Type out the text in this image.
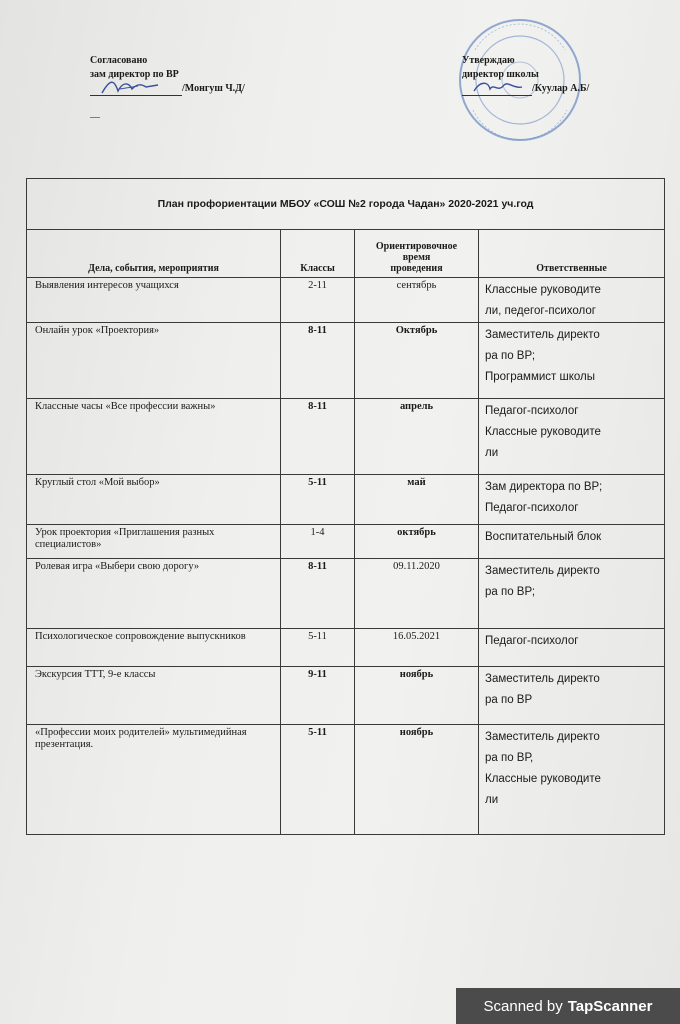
Согласовано
зам директор по ВР
/Монгуш Ч.Д/
—
Утверждаю
директор школы
/Куулар А.Б/
План профориентации МБОУ «СОШ №2 города Чадан» 2020-2021 уч.год			
Дела, события, мероприятия	Классы	Ориентировочное
время
проведения	Ответственные
Выявления интересов учащихся	2-11	сентябрь	Классные руководите
ли, педегог-психолог

Онлайн урок «Проектория»	8-11	Октябрь	Заместитель директо
ра по ВР;
Программист школы

Классные часы «Все профессии важны»	8-11	апрель	Педагог-психолог
Классные руководите
ли

Круглый стол «Мой выбор»	5-11	май	Зам директора по ВР;
Педагог-психолог

Урок проектория «Приглашения разных специалистов»	1-4	октябрь	Воспитательный блок

Ролевая игра «Выбери свою дорогу»	8-11	09.11.2020	Заместитель директо
ра по ВР;

Психологическое сопровождение выпускников	5-11	16.05.2021	Педагог-психолог

Экскурсия ТТТ, 9-е классы	9-11	ноябрь	Заместитель директо
ра по ВР

«Профессии моих родителей» мультимедийная презентация.	5-11	ноябрь	Заместитель директо
ра по ВР,
Классные руководите
ли
Scanned by TapScanner
